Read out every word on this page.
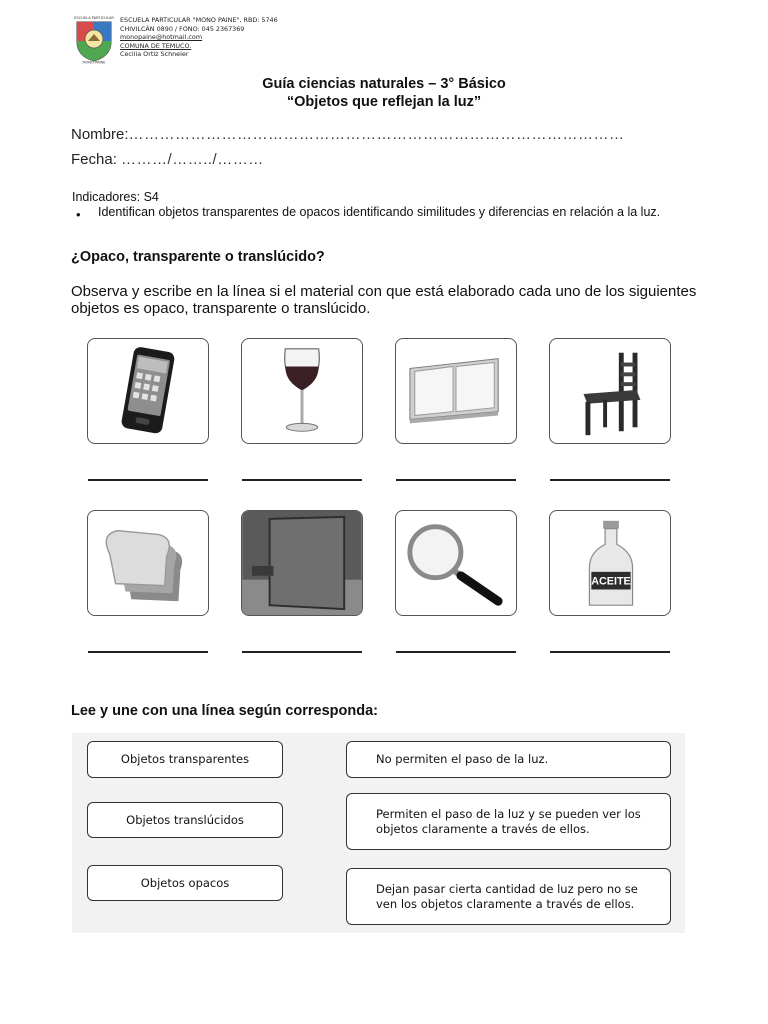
ESCUELA PARTICULAR
MONO PAINE
ESCUELA PARTICULAR "MONO PAINE", RBD: 5746
CHIVILCÁN 0890 / FONO: 045 2367369
monopaine@hotmail.com
COMUNA DE TEMUCO.
Cecilia Ortiz Schneier
Guía ciencias naturales – 3° Básico
“Objetos que reflejan la luz”
Nombre:……………………………………………………………………………………
Fecha: ………/……../………
Indicadores: S4
• Identifican objetos transparentes de opacos identificando similitudes y diferencias en relación a la luz.
¿Opaco, transparente o translúcido?
Observa y escribe en la línea si el material con que está elaborado cada uno de los siguientes objetos es opaco, transparente o translúcido.
ACEITE
Lee y une con una línea según corresponda:
Objetos transparentes
Objetos translúcidos
Objetos opacos
No permiten el paso de la luz.
Permiten el paso de la luz y se pueden ver los objetos claramente a través de ellos.
Dejan pasar cierta cantidad de luz pero no se ven los objetos claramente a través de ellos.
